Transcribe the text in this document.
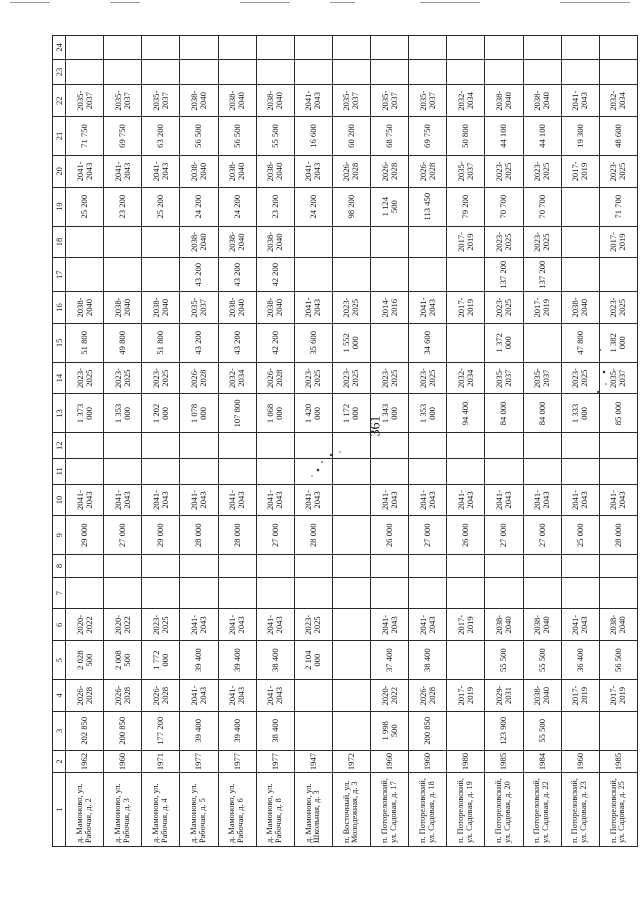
361
1	2	3	4	5	6	7	8	9	10	11	12	13	14	15	16	17	18	19	20	21	22	23	24
д. Мамоново, ул. Рабочая, д. 2	1962	202 850	2026-2028	2 028 500	2020-2022			29 000	2041-2043			1 373 000	2023-2025	51 800	2038-2040			25 200	2041-2043	71 750	2035-2037		
д. Мамоново, ул. Рабочая, д. 3	1960	200 850	2026-2028	2 008 500	2020-2022			27 000	2041-2043			1 353 000	2023-2025	49 800	2038-2040			23 200	2041-2043	69 750	2035-2037		
д. Мамоново, ул. Рабочая, д. 4	1971	177 200	2026-2028	1 772 000	2023-2025			29 000	2041-2043			1 202 000	2023-2025	51 800	2038-2040			25 200	2041-2043	63 200	2035-2037		
д. Мамоново, ул. Рабочая, д. 5	1977	39 400	2041-2043	39 400	2041-2043			28 000	2041-2043			1 078 000	2026-2028	43 200	2035-2037	43 200	2038-2040	24 200	2038-2040	56 500	2038-2040		
д. Мамоново, ул. Рабочая, д. 6	1977	39 400	2041-2043	39 400	2041-2043			28 000	2041-2043			107 800	2032-2034	43 200	2038-2040	43 200	2038-2040	24 200	2038-2040	56 500	2038-2040		
д. Мамоново, ул. Рабочая, д. 8	1977	38 400	2041-2043	38 400	2041-2043			27 000	2041-2043			1 068 000	2026-2028	42 200	2038-2040	42 200	2038-2040	23 200	2038-2040	55 500	2038-2040		
д. Мамоново, ул. Школьная, д. 3	1947			2 104 000	2023-2025			28 000	2041-2043			1 420 000	2023-2025	35 600	2041-2043			24 200	2041-2043	16 600	2041-2043		
п. Восточный, ул. Молодежная, д. 3	1972											1 172 000	2023-2025	1 552 000	2023-2025			98 200	2026-2028	60 200	2035-2037		
п. Потоpеловский, ул. Садовая, д. 17	1960	1 998 500	2020-2022	37 400	2041-2043			26 000	2041-2043			1 343 000	2023-2025		2014-2016			1 124 500	2026-2028	68 750	2035-2037		
п. Потоpеловский, ул. Садовая, д. 18	1960	200 850	2026-2028	38 400	2041-2043			27 000	2041-2043			1 353 000	2023-2025	34 600	2041-2043			113 450	2026-2028	69 750	2035-2037		
п. Потоpеловский, ул. Садовая, д. 19	1980		2017-2019		2017-2019			26 000	2041-2043			94 400	2032-2034		2017-2019		2017-2019	79 200	2035-2037	50 800	2032-2034		
п. Потоpеловский, ул. Садовая, д. 20	1985	123 900	2029-2031	55 500	2038-2040			27 000	2041-2043			84 000	2035-2037	1 372 000	2023-2025	137 200	2023-2025	70 700	2023-2025	44 100	2038-2040		
п. Потоpеловский, ул. Садовая, д. 22	1984	55 500	2038-2040	55 500	2038-2040			27 000	2041-2043			84 000	2035-2037		2017-2019	137 200	2023-2025	70 700	2023-2025	44 100	2038-2040		
п. Потоpеловский, ул. Садовая, д. 23	1960		2017-2019	36 400	2041-2043			25 000	2041-2043			1 333 000	2023-2025	47 800	2038-2040				2017-2019	19 300	2041-2043		
п. Потоpеловский, ул. Садовая, д. 25	1985		2017-2019	56 500	2038-2040			28 000	2041-2043			85 000	2035-2037	1 382 000	2023-2025		2017-2019	71 700	2023-2025	48 600	2032-2034		
